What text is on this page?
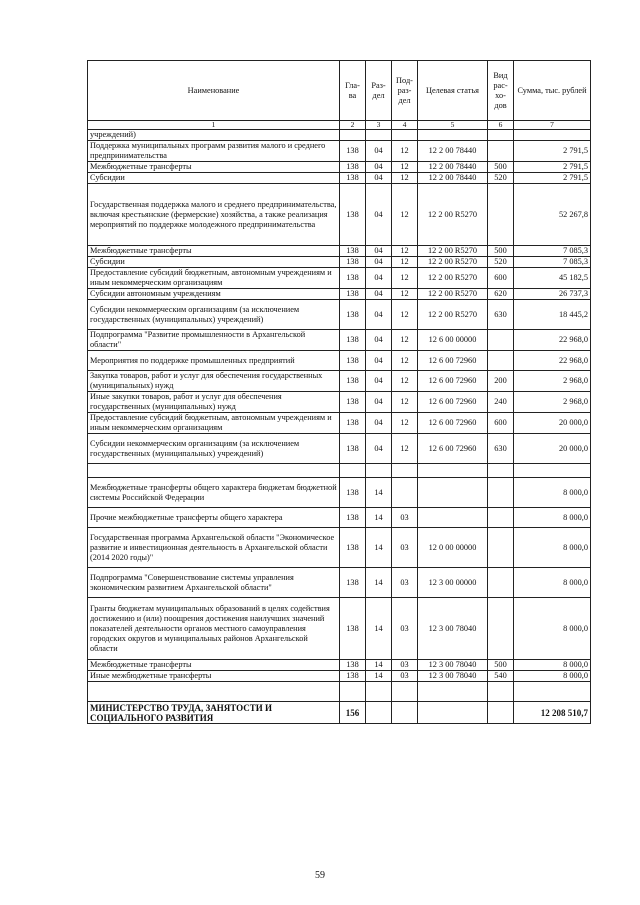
Наименование	Гла-ва	Раз-дел	Под-раз-дел	Целевая статья	Вид рас-хо-дов	Сумма, тыс. рублей
1	2	3	4	5	6	7
учреждений)						
Поддержка муниципальных программ развития малого и среднего предпринимательства	138	04	12	12 2 00 78440		2 791,5
Межбюджетные трансферты	138	04	12	12 2 00 78440	500	2 791,5
Субсидии	138	04	12	12 2 00 78440	520	2 791,5
Государственная поддержка малого и среднего предпринимательства, включая крестьянские (фермерские) хозяйства, а также реализация мероприятий по поддержке молодежного предпринимательства	138	04	12	12 2 00 R5270		52 267,8
Межбюджетные трансферты	138	04	12	12 2 00 R5270	500	7 085,3
Субсидии	138	04	12	12 2 00 R5270	520	7 085,3
Предоставление субсидий бюджетным, автономным учреждениям и иным некоммерческим организациям	138	04	12	12 2 00 R5270	600	45 182,5
Субсидии автономным учреждениям	138	04	12	12 2 00 R5270	620	26 737,3
Субсидии некоммерческим организациям (за исключением государственных (муниципальных) учреждений)	138	04	12	12 2 00 R5270	630	18 445,2
Подпрограмма "Развитие промышленности в Архангельской области"	138	04	12	12 6 00 00000		22 968,0
Мероприятия по поддержке промышленных предприятий	138	04	12	12 6 00 72960		22 968,0
Закупка товаров, работ и услуг для обеспечения государственных (муниципальных) нужд	138	04	12	12 6 00 72960	200	2 968,0
Иные закупки товаров, работ и услуг для обеспечения государственных (муниципальных) нужд	138	04	12	12 6 00 72960	240	2 968,0
Предоставление субсидий бюджетным, автономным учреждениям и иным некоммерческим организациям	138	04	12	12 6 00 72960	600	20 000,0
Субсидии некоммерческим организациям (за исключением государственных (муниципальных) учреждений)	138	04	12	12 6 00 72960	630	20 000,0

Межбюджетные трансферты общего характера бюджетам бюджетной системы Российской Федерации	138	14				8 000,0
Прочие межбюджетные трансферты общего характера	138	14	03			8 000,0
Государственная программа Архангельской области "Экономическое развитие и инвестиционная деятельность в Архангельской области (2014 2020 годы)"	138	14	03	12 0 00 00000		8 000,0
Подпрограмма "Совершенствование системы управления экономическим развитием Архангельской области"	138	14	03	12 3 00 00000		8 000,0
Гранты бюджетам муниципальных образований в целях содействия достижению и (или) поощрения достижения наилучших значений показателей деятельности органов местного самоуправления городских округов и муниципальных районов Архангельской области	138	14	03	12 3 00 78040		8 000,0
Межбюджетные трансферты	138	14	03	12 3 00 78040	500	8 000,0
Иные межбюджетные трансферты	138	14	03	12 3 00 78040	540	8 000,0

МИНИСТЕРСТВО ТРУДА, ЗАНЯТОСТИ И СОЦИАЛЬНОГО РАЗВИТИЯ	156					12 208 510,7
59
